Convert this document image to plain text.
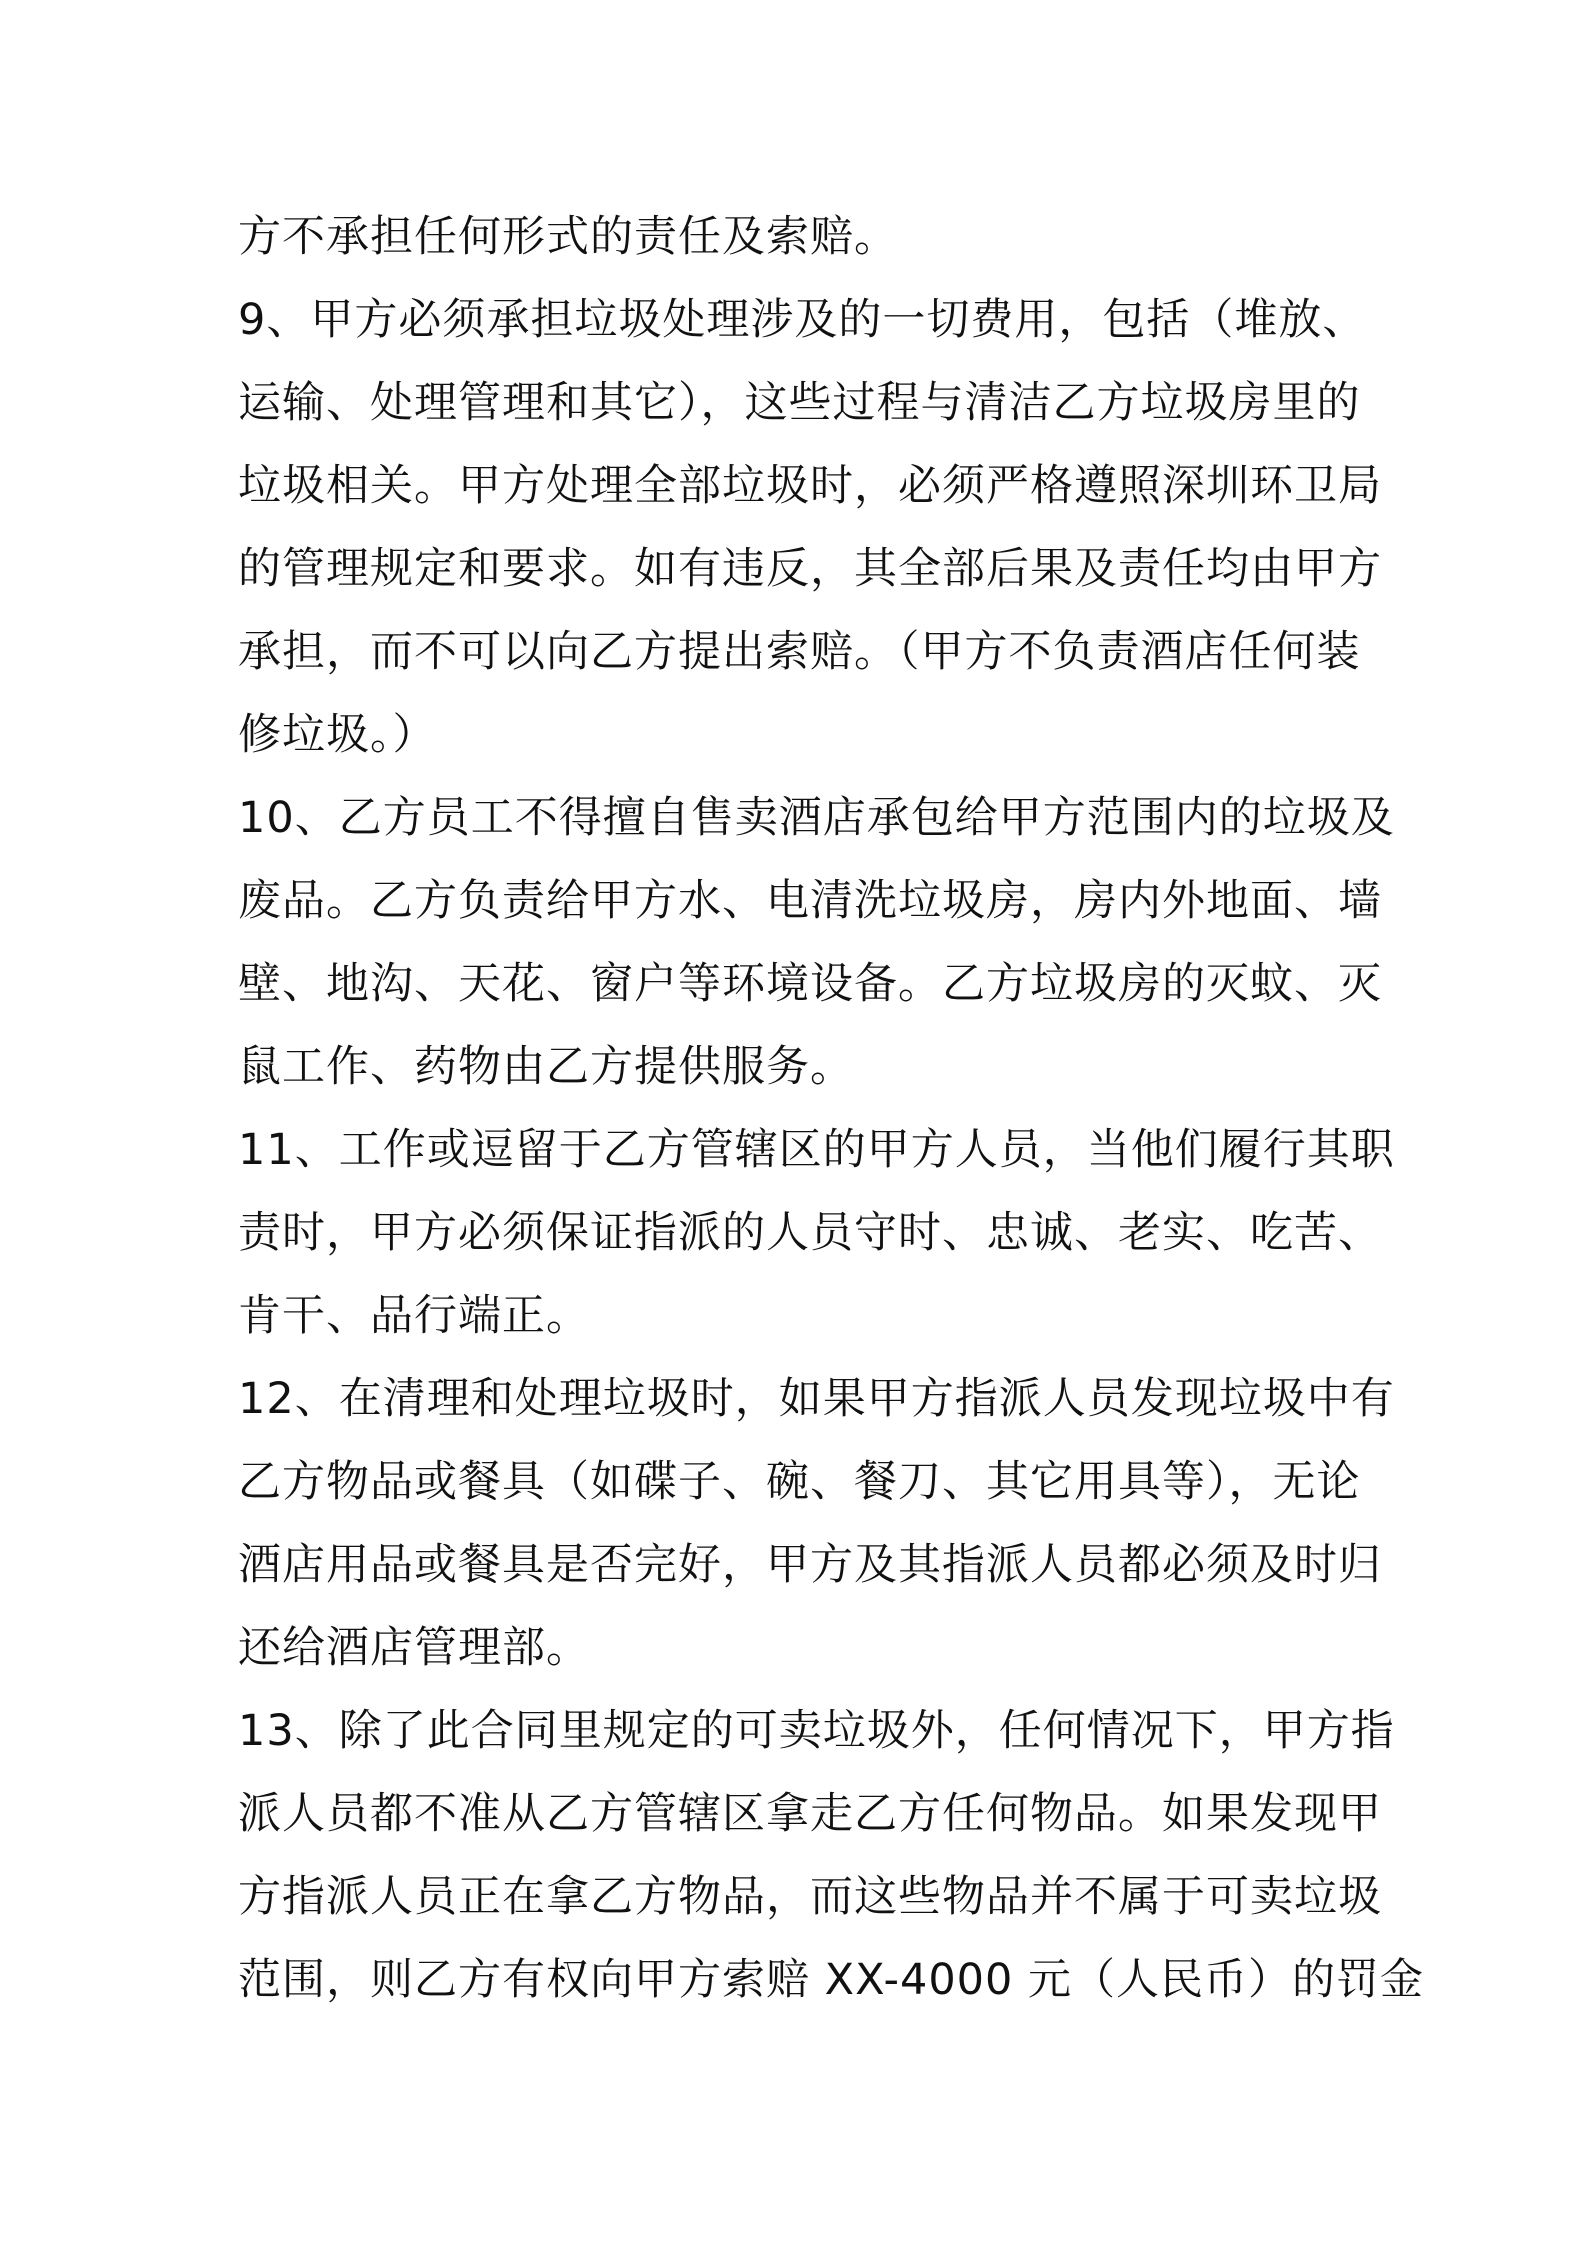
方不承担任何形式的责任及索赔。
9、甲方必须承担垃圾处理涉及的一切费用，包括（堆放、
运输、处理管理和其它），这些过程与清洁乙方垃圾房里的
垃圾相关。甲方处理全部垃圾时，必须严格遵照深圳环卫局
的管理规定和要求。如有违反，其全部后果及责任均由甲方
承担，而不可以向乙方提出索赔。（甲方不负责酒店任何装
修垃圾。）
10、乙方员工不得擅自售卖酒店承包给甲方范围内的垃圾及
废品。乙方负责给甲方水、电清洗垃圾房，房内外地面、墙
壁、地沟、天花、窗户等环境设备。乙方垃圾房的灭蚊、灭
鼠工作、药物由乙方提供服务。
11、工作或逗留于乙方管辖区的甲方人员，当他们履行其职
责时，甲方必须保证指派的人员守时、忠诚、老实、吃苦、
肯干、品行端正。
12、在清理和处理垃圾时，如果甲方指派人员发现垃圾中有
乙方物品或餐具（如碟子、碗、餐刀、其它用具等），无论
酒店用品或餐具是否完好，甲方及其指派人员都必须及时归
还给酒店管理部。
13、除了此合同里规定的可卖垃圾外，任何情况下，甲方指
派人员都不准从乙方管辖区拿走乙方任何物品。如果发现甲
方指派人员正在拿乙方物品，而这些物品并不属于可卖垃圾
范围，则乙方有权向甲方索赔 XX-4000 元（人民币）的罚金
